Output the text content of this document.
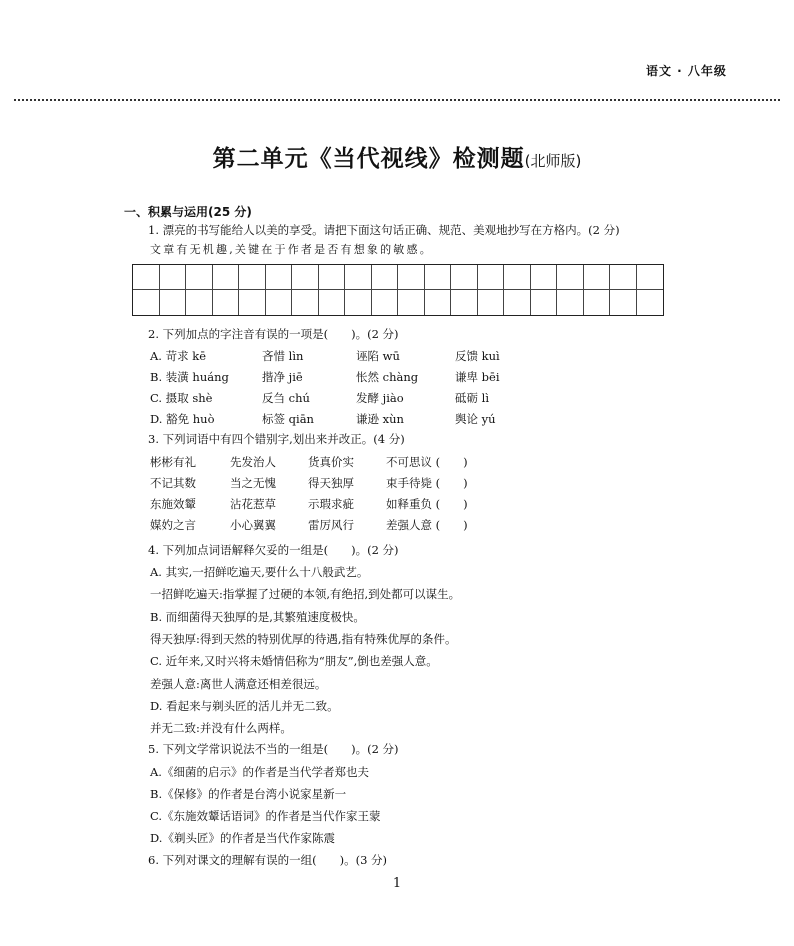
语文 · 八年级
第二单元《当代视线》检测题(北师版)
一、积累与运用(25 分)
1. 漂亮的书写能给人以美的享受。请把下面这句话正确、规范、美观地抄写在方格内。(2 分)
文章有无机趣,关键在于作者是否有想象的敏感。
2. 下列加点的字注音有误的一项是(　　)。(2 分)
A. 苛求 kē	吝惜 lìn	诬陷 wū	反馈 kuì
B. 装潢 huáng	揩净 jiē	怅然 chàng	谦卑 bēi
C. 摄取 shè	反刍 chú	发酵 jiào	砥砺 lì
D. 豁免 huò	标签 qiān	谦逊 xùn	舆论 yú
3. 下列词语中有四个错别字,划出来并改正。(4 分)
彬彬有礼	先发治人	货真价实	不可思议 (　　)
不记其数	当之无愧	得天独厚	束手待毙 (　　)
东施效颦	沾花惹草	示瑕求疵	如释重负 (　　)
媒妁之言	小心翼翼	雷厉风行	差强人意 (　　)
4. 下列加点词语解释欠妥的一组是(　　)。(2 分)
A. 其实,一招鲜吃遍天,要什么十八般武艺。
一招鲜吃遍天:指掌握了过硬的本领,有绝招,到处都可以谋生。
B. 而细菌得天独厚的是,其繁殖速度极快。
得天独厚:得到天然的特别优厚的待遇,指有特殊优厚的条件。
C. 近年来,又时兴将未婚情侣称为“朋友”,倒也差强人意。
差强人意:离世人满意还相差很远。
D. 看起来与剃头匠的活儿并无二致。
并无二致:并没有什么两样。
5. 下列文学常识说法不当的一组是(　　)。(2 分)
A.《细菌的启示》的作者是当代学者郑也夫
B.《保修》的作者是台湾小说家星新一
C.《东施效颦话语词》的作者是当代作家王蒙
D.《剃头匠》的作者是当代作家陈震
6. 下列对课文的理解有误的一组(　　)。(3 分)
1
